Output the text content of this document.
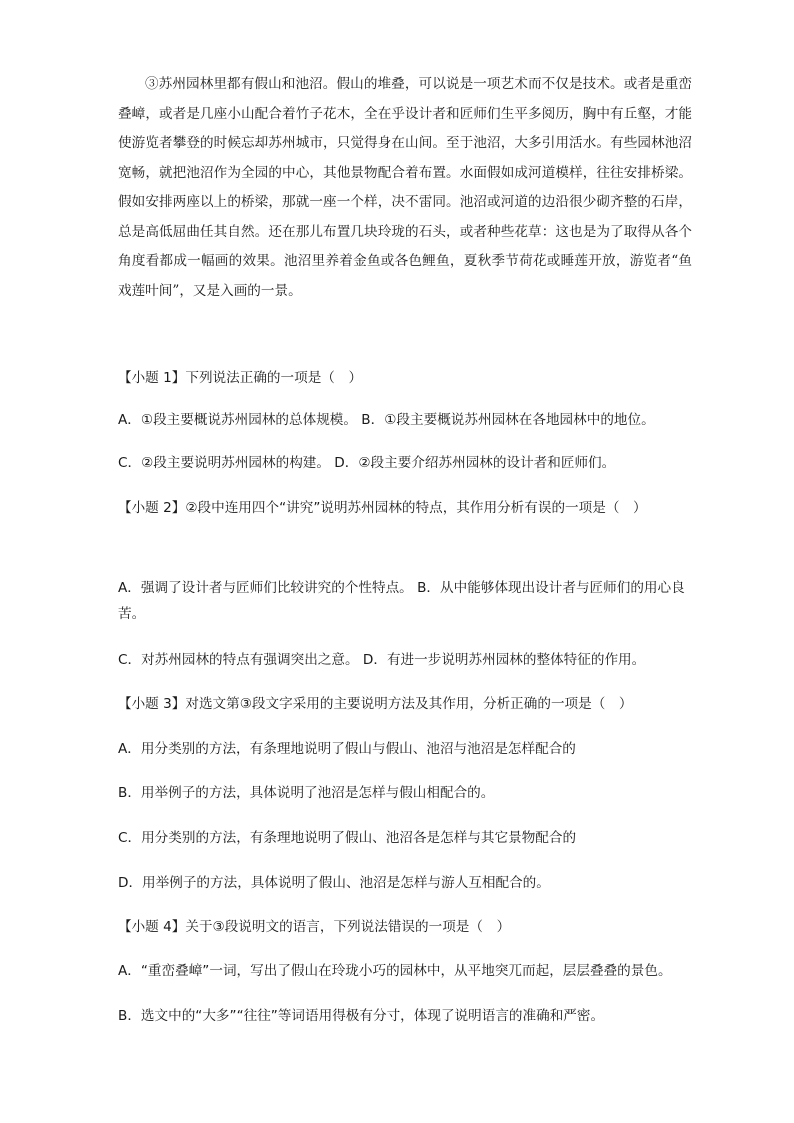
③苏州园林里都有假山和池沼。假山的堆叠，可以说是一项艺术而不仅是技术。或者是重峦叠嶂，或者是几座小山配合着竹子花木，全在乎设计者和匠师们生平多阅历，胸中有丘壑，才能使游览者攀登的时候忘却苏州城市，只觉得身在山间。至于池沼，大多引用活水。有些园林池沼宽畅，就把池沼作为全园的中心，其他景物配合着布置。水面假如成河道模样，往往安排桥梁。假如安排两座以上的桥梁，那就一座一个样，决不雷同。池沼或河道的边沿很少砌齐整的石岸，总是高低屈曲任其自然。还在那儿布置几块玲珑的石头，或者种些花草：这也是为了取得从各个角度看都成一幅画的效果。池沼里养着金鱼或各色鲤鱼，夏秋季节荷花或睡莲开放，游览者“鱼戏莲叶间”，又是入画的一景。

【小题 1】下列说法正确的一项是（　）

A．①段主要概说苏州园林的总体规模。 B．①段主要概说苏州园林在各地园林中的地位。

C．②段主要说明苏州园林的构建。 D．②段主要介绍苏州园林的设计者和匠师们。

【小题 2】②段中连用四个“讲究”说明苏州园林的特点，其作用分析有误的一项是（　）

A．强调了设计者与匠师们比较讲究的个性特点。 B．从中能够体现出设计者与匠师们的用心良苦。

C．对苏州园林的特点有强调突出之意。 D．有进一步说明苏州园林的整体特征的作用。

【小题 3】对选文第③段文字采用的主要说明方法及其作用，分析正确的一项是（　）

A．用分类别的方法，有条理地说明了假山与假山、池沼与池沼是怎样配合的

B．用举例子的方法，具体说明了池沼是怎样与假山相配合的。

C．用分类别的方法，有条理地说明了假山、池沼各是怎样与其它景物配合的

D．用举例子的方法，具体说明了假山、池沼是怎样与游人互相配合的。

【小题 4】关于③段说明文的语言，下列说法错误的一项是（　）

A．“重峦叠嶂”一词，写出了假山在玲珑小巧的园林中，从平地突兀而起，层层叠叠的景色。

B．选文中的“大多”“往往”等词语用得极有分寸，体现了说明语言的准确和严密。
